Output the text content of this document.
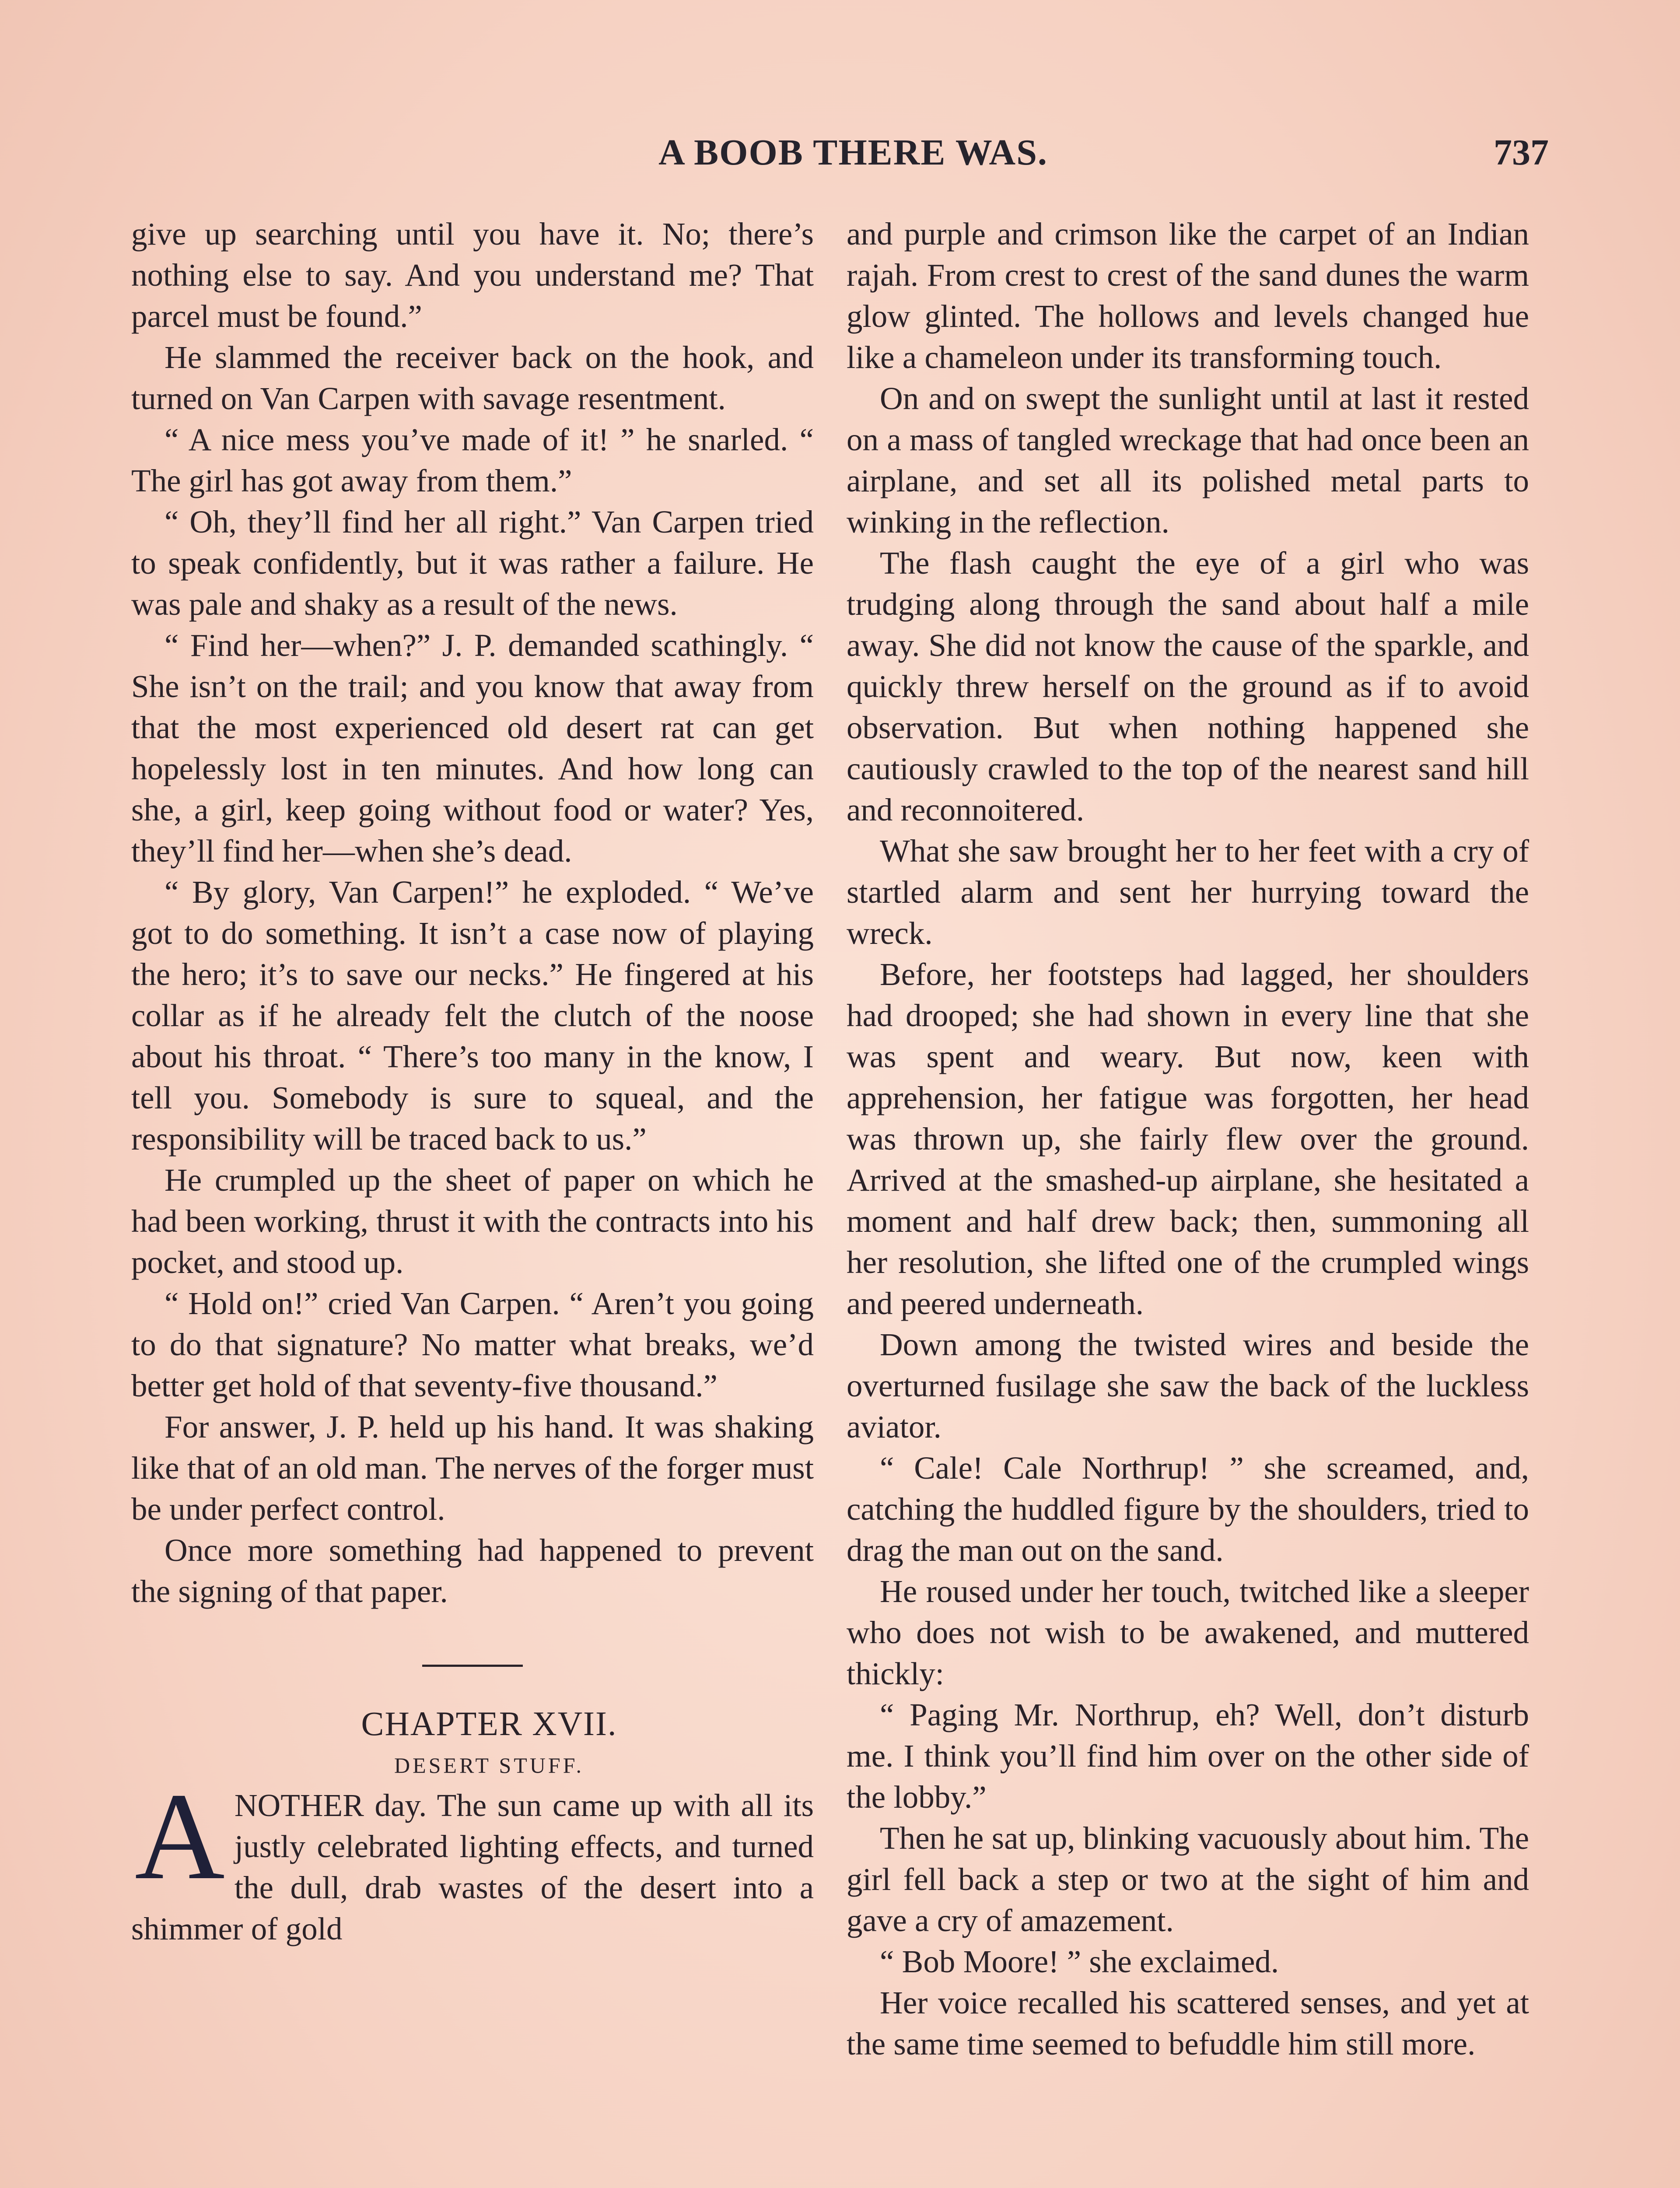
A BOOB THERE WAS.	737

give up searching until you have it. No; there’s nothing else to say. And you understand me? That parcel must be found.”

He slammed the receiver back on the hook, and turned on Van Carpen with savage resentment.

“ A nice mess you’ve made of it! ” he snarled. “ The girl has got away from them.”

“ Oh, they’ll find her all right.” Van Carpen tried to speak confidently, but it was rather a failure. He was pale and shaky as a result of the news.

“ Find her—when?” J. P. demanded scathingly. “ She isn’t on the trail; and you know that away from that the most experienced old desert rat can get hopelessly lost in ten minutes. And how long can she, a girl, keep going without food or water? Yes, they’ll find her—when she’s dead.

“ By glory, Van Carpen!” he exploded. “ We’ve got to do something. It isn’t a case now of playing the hero; it’s to save our necks.” He fingered at his collar as if he already felt the clutch of the noose about his throat. “ There’s too many in the know, I tell you. Somebody is sure to squeal, and the responsibility will be traced back to us.”

He crumpled up the sheet of paper on which he had been working, thrust it with the contracts into his pocket, and stood up.

“ Hold on!” cried Van Carpen. “ Aren’t you going to do that signature? No matter what breaks, we’d better get hold of that seventy-five thousand.”

For answer, J. P. held up his hand. It was shaking like that of an old man. The nerves of the forger must be under perfect control.

Once more something had happened to prevent the signing of that paper.

CHAPTER XVII.

DESERT STUFF.

ANOTHER day. The sun came up with all its justly celebrated lighting effects, and turned the dull, drab wastes of the desert into a shimmer of gold

and purple and crimson like the carpet of an Indian rajah. From crest to crest of the sand dunes the warm glow glinted. The hollows and levels changed hue like a chameleon under its transforming touch.

On and on swept the sunlight until at last it rested on a mass of tangled wreckage that had once been an airplane, and set all its polished metal parts to winking in the reflection.

The flash caught the eye of a girl who was trudging along through the sand about half a mile away. She did not know the cause of the sparkle, and quickly threw herself on the ground as if to avoid observation. But when nothing happened she cautiously crawled to the top of the nearest sand hill and reconnoitered.

What she saw brought her to her feet with a cry of startled alarm and sent her hurrying toward the wreck.

Before, her footsteps had lagged, her shoulders had drooped; she had shown in every line that she was spent and weary. But now, keen with apprehension, her fatigue was forgotten, her head was thrown up, she fairly flew over the ground. Arrived at the smashed-up airplane, she hesitated a moment and half drew back; then, summoning all her resolution, she lifted one of the crumpled wings and peered underneath.

Down among the twisted wires and beside the overturned fusilage she saw the back of the luckless aviator.

“ Cale! Cale Northrup! ” she screamed, and, catching the huddled figure by the shoulders, tried to drag the man out on the sand.

He roused under her touch, twitched like a sleeper who does not wish to be awakened, and muttered thickly:

“ Paging Mr. Northrup, eh? Well, don’t disturb me. I think you’ll find him over on the other side of the lobby.”

Then he sat up, blinking vacuously about him. The girl fell back a step or two at the sight of him and gave a cry of amazement.

“ Bob Moore! ” she exclaimed.

Her voice recalled his scattered senses, and yet at the same time seemed to befuddle him still more.
